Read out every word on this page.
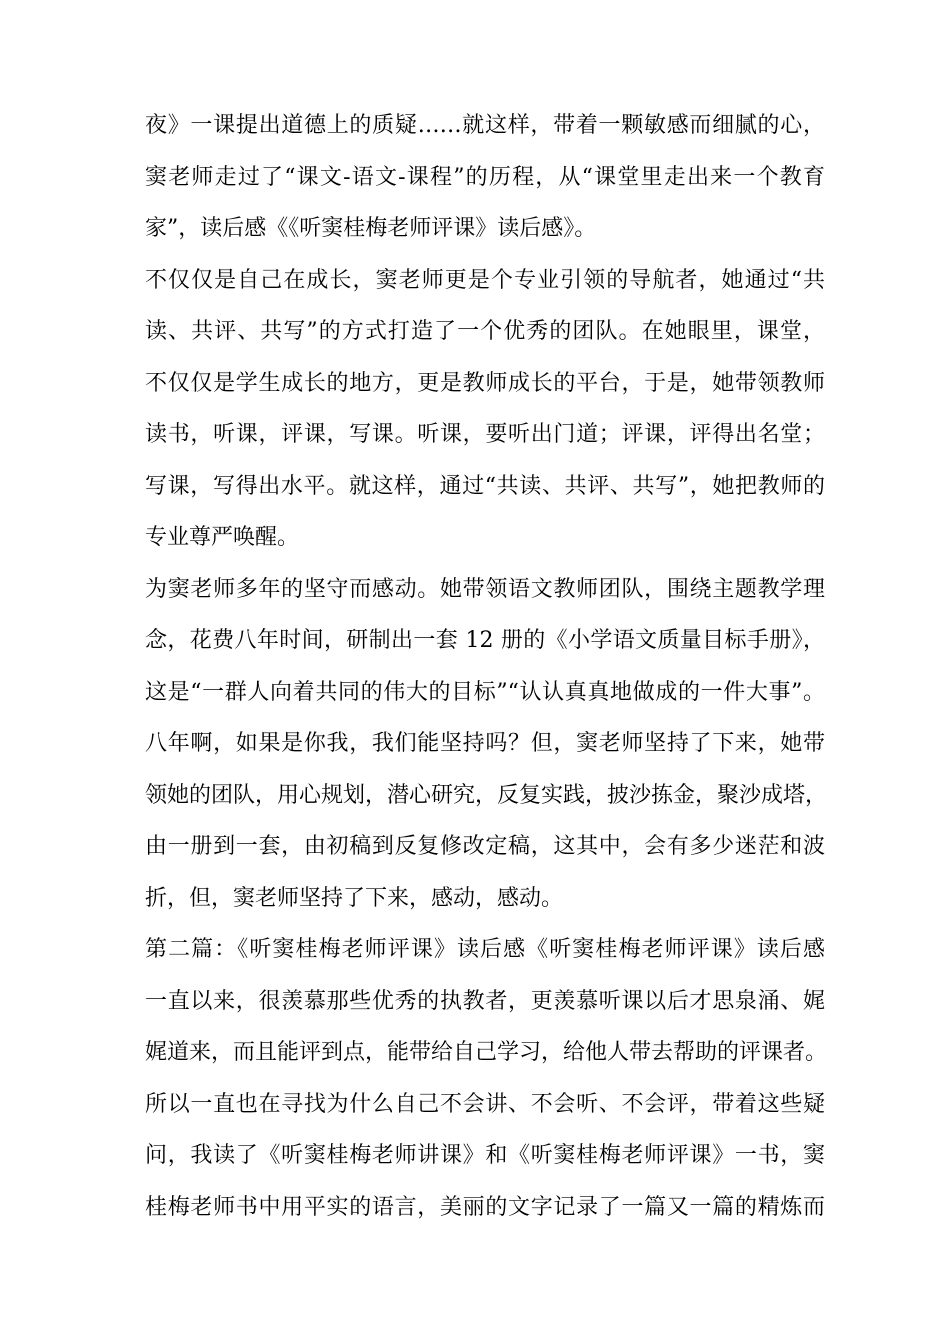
夜》一课提出道德上的质疑……就这样，带着一颗敏感而细腻的心，
窦老师走过了“课文-语文-课程”的历程，从“课堂里走出来一个教育
家”，读后感《《听窦桂梅老师评课》读后感》。
不仅仅是自己在成长，窦老师更是个专业引领的导航者，她通过“共
读、共评、共写”的方式打造了一个优秀的团队。在她眼里，课堂，
不仅仅是学生成长的地方，更是教师成长的平台，于是，她带领教师
读书，听课，评课，写课。听课，要听出门道；评课，评得出名堂；
写课，写得出水平。就这样，通过“共读、共评、共写”，她把教师的
专业尊严唤醒。
为窦老师多年的坚守而感动。她带领语文教师团队，围绕主题教学理
念，花费八年时间，研制出一套 12 册的《小学语文质量目标手册》，
这是“一群人向着共同的伟大的目标”“认认真真地做成的一件大事”。
八年啊，如果是你我，我们能坚持吗？但，窦老师坚持了下来，她带
领她的团队，用心规划，潜心研究，反复实践，披沙拣金，聚沙成塔，
由一册到一套，由初稿到反复修改定稿，这其中，会有多少迷茫和波
折，但，窦老师坚持了下来，感动，感动。
第二篇：《听窦桂梅老师评课》读后感《听窦桂梅老师评课》读后感
一直以来，很羡慕那些优秀的执教者，更羡慕听课以后才思泉涌、娓
娓道来，而且能评到点，能带给自己学习，给他人带去帮助的评课者。
所以一直也在寻找为什么自己不会讲、不会听、不会评，带着这些疑
问，我读了《听窦桂梅老师讲课》和《听窦桂梅老师评课》一书，窦
桂梅老师书中用平实的语言，美丽的文字记录了一篇又一篇的精炼而
